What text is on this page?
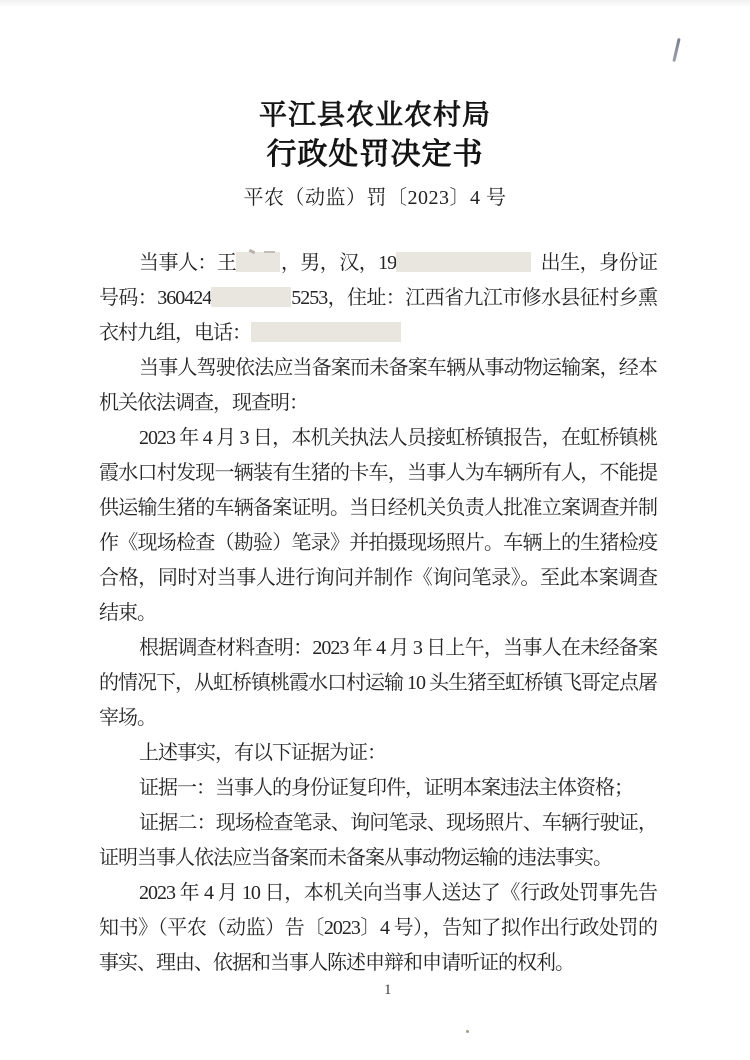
平江县农业农村局
行政处罚决定书
平农（动监）罚〔2023〕4 号

当事人：王 ，男，汉，19	出生，身份证号码：360424	5253，住址：江西省九江市修水县征村乡熏衣村九组，电话：

当事人驾驶依法应当备案而未备案车辆从事动物运输案，经本机关依法调查，现查明：

2023 年 4 月 3 日，本机关执法人员接虹桥镇报告，在虹桥镇桃霞水口村发现一辆装有生猪的卡车，当事人为车辆所有人，不能提供运输生猪的车辆备案证明。当日经机关负责人批准立案调查并制作《现场检查（勘验）笔录》并拍摄现场照片。车辆上的生猪检疫合格，同时对当事人进行询问并制作《询问笔录》。至此本案调查结束。

根据调查材料查明：2023 年 4 月 3 日上午，当事人在未经备案的情况下，从虹桥镇桃霞水口村运输 10 头生猪至虹桥镇飞哥定点屠宰场。

上述事实，有以下证据为证：

证据一：当事人的身份证复印件，证明本案违法主体资格；

证据二：现场检查笔录、询问笔录、现场照片、车辆行驶证，证明当事人依法应当备案而未备案从事动物运输的违法事实。

2023 年 4 月 10 日，本机关向当事人送达了《行政处罚事先告知书》（平农（动监）告〔2023〕4 号），告知了拟作出行政处罚的事实、理由、依据和当事人陈述申辩和申请听证的权利。

1
